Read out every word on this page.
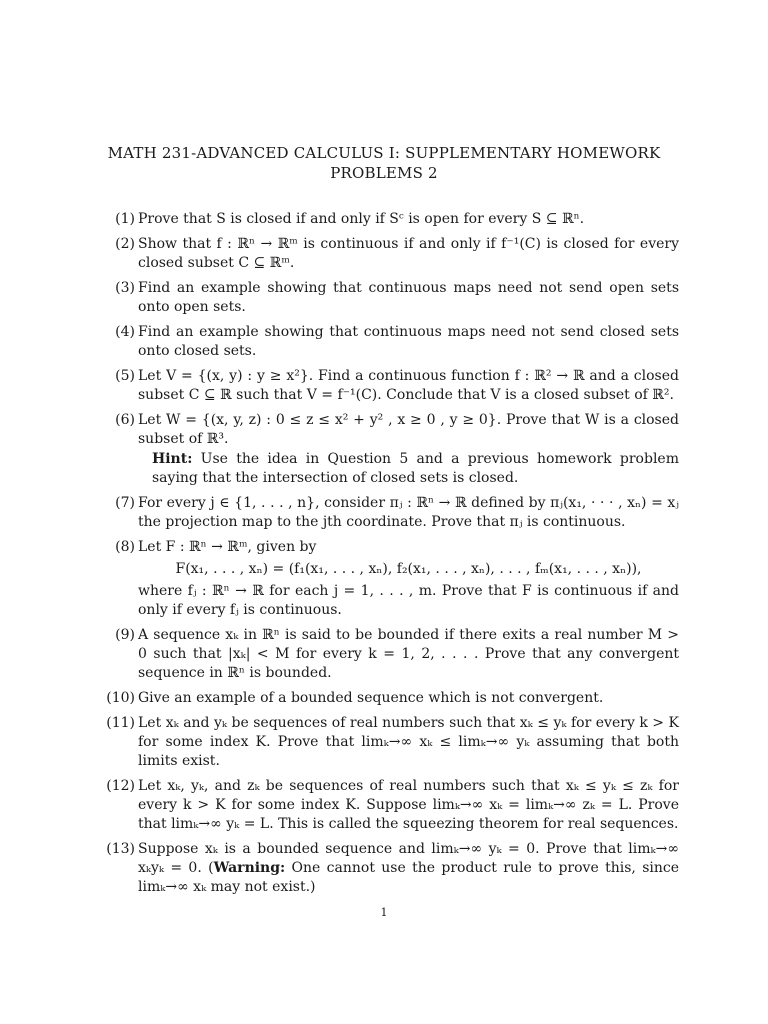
MATH 231-ADVANCED CALCULUS I: SUPPLEMENTARY HOMEWORK
PROBLEMS 2
(1) Prove that S is closed if and only if Sᶜ is open for every S ⊆ ℝⁿ.
(2) Show that f : ℝⁿ → ℝᵐ is continuous if and only if f⁻¹(C) is closed for every closed subset C ⊆ ℝᵐ.
(3) Find an example showing that continuous maps need not send open sets onto open sets.
(4) Find an example showing that continuous maps need not send closed sets onto closed sets.
(5) Let V = {(x, y) : y ≥ x²}. Find a continuous function f : ℝ² → ℝ and a closed subset C ⊆ ℝ such that V = f⁻¹(C). Conclude that V is a closed subset of ℝ².
(6) Let W = {(x, y, z) : 0 ≤ z ≤ x² + y² , x ≥ 0 , y ≥ 0}. Prove that W is a closed subset of ℝ³.
Hint: Use the idea in Question 5 and a previous homework problem saying that the intersection of closed sets is closed.
(7) For every j ∈ {1, . . . , n}, consider πⱼ : ℝⁿ → ℝ defined by πⱼ(x₁, · · · , xₙ) = xⱼ the projection map to the jth coordinate. Prove that πⱼ is continuous.
(8) Let F : ℝⁿ → ℝᵐ, given by
F(x₁, . . . , xₙ) = (f₁(x₁, . . . , xₙ), f₂(x₁, . . . , xₙ), . . . , fₘ(x₁, . . . , xₙ)),
where fⱼ : ℝⁿ → ℝ for each j = 1, . . . , m. Prove that F is continuous if and only if every fⱼ is continuous.
(9) A sequence xₖ in ℝⁿ is said to be bounded if there exits a real number M > 0 such that |xₖ| < M for every k = 1, 2, . . . . Prove that any convergent sequence in ℝⁿ is bounded.
(10) Give an example of a bounded sequence which is not convergent.
(11) Let xₖ and yₖ be sequences of real numbers such that xₖ ≤ yₖ for every k > K for some index K. Prove that limₖ→∞ xₖ ≤ limₖ→∞ yₖ assuming that both limits exist.
(12) Let xₖ, yₖ, and zₖ be sequences of real numbers such that xₖ ≤ yₖ ≤ zₖ for every k > K for some index K. Suppose limₖ→∞ xₖ = limₖ→∞ zₖ = L. Prove that limₖ→∞ yₖ = L. This is called the squeezing theorem for real sequences.
(13) Suppose xₖ is a bounded sequence and limₖ→∞ yₖ = 0. Prove that limₖ→∞ xₖyₖ = 0. (Warning: One cannot use the product rule to prove this, since limₖ→∞ xₖ may not exist.)
1
